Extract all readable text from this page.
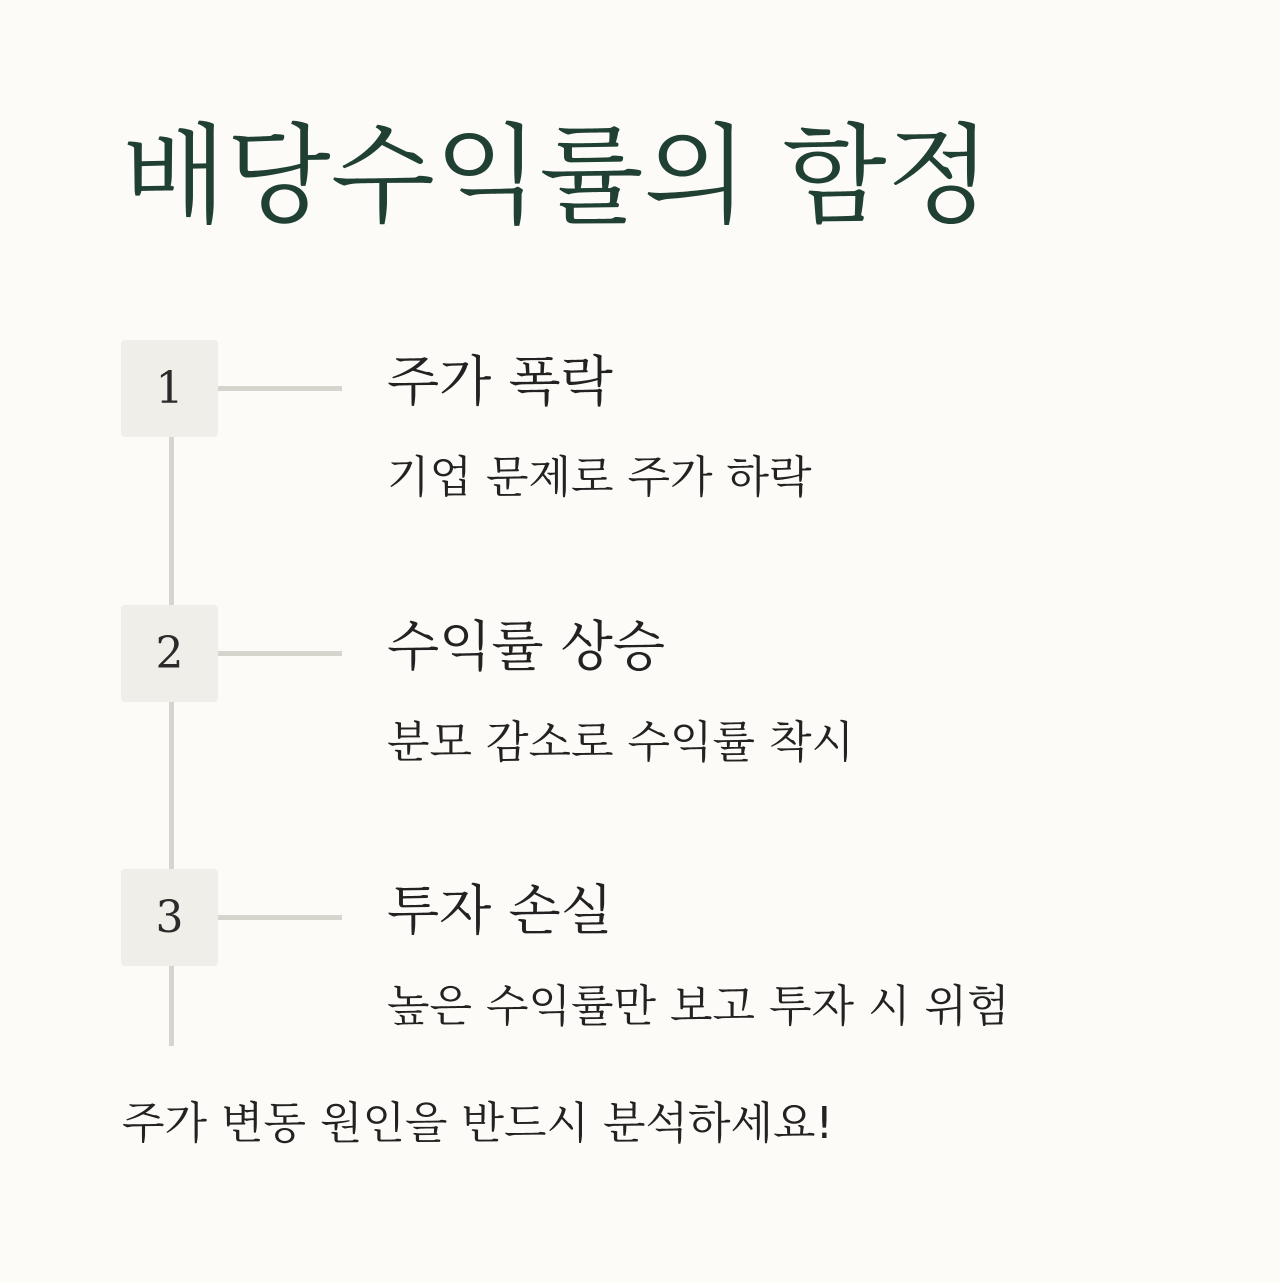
배당수익률의 함정
1	주가 폭락

기업 문제로 주가 하락

2	수익률 상승

분모 감소로 수익률 착시

3	투자 손실

높은 수익률만 보고 투자 시 위험

주가 변동 원인을 반드시 분석하세요!
